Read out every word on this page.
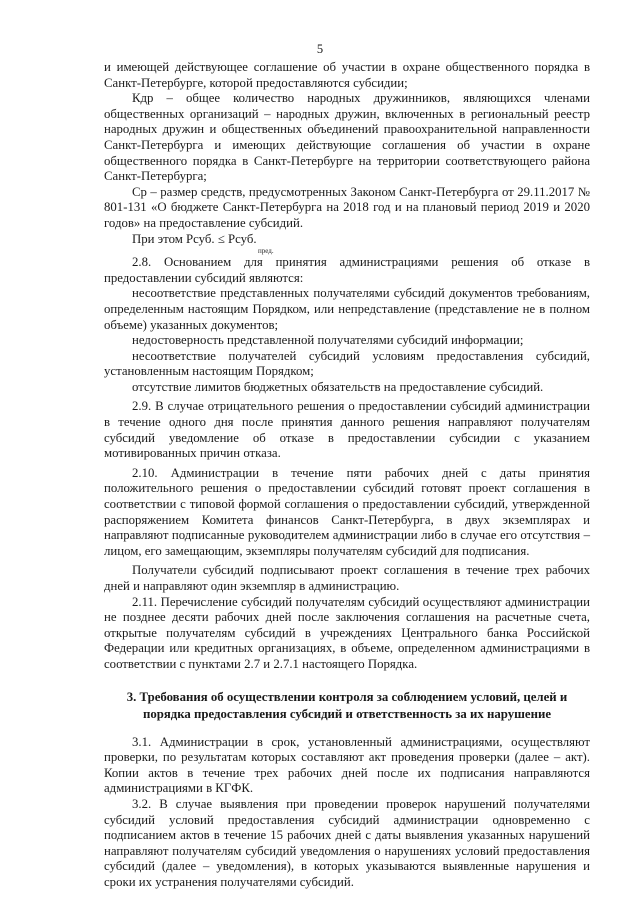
5

и имеющей действующее соглашение об участии в охране общественного порядка в Санкт-Петербурге, которой предоставляются субсидии;

Кдр – общее количество народных дружинников, являющихся членами общественных организаций – народных дружин, включенных в региональный реестр народных дружин и общественных объединений правоохранительной направленности Санкт-Петербурга и имеющих действующие соглашения об участии в охране общественного порядка в Санкт-Петербурге на территории соответствующего района Санкт-Петербурга;

Ср – размер средств, предусмотренных Законом Санкт-Петербурга от 29.11.2017 № 801-131 «О бюджете Санкт-Петербурга на 2018 год и на плановый период 2019 и 2020 годов» на предоставление субсидий.

При этом Рсуб. ≤ Рсуб.

пред.

2.8. Основанием для принятия администрациями решения об отказе в предоставлении субсидий являются:

несоответствие представленных получателями субсидий документов требованиям, определенным настоящим Порядком, или непредставление (представление не в полном объеме) указанных документов;

недостоверность представленной получателями субсидий информации;

несоответствие получателей субсидий условиям предоставления субсидий, установленным настоящим Порядком;

отсутствие лимитов бюджетных обязательств на предоставление субсидий.

2.9. В случае отрицательного решения о предоставлении субсидий администрации в течение одного дня после принятия данного решения направляют получателям субсидий уведомление об отказе в предоставлении субсидии с указанием мотивированных причин отказа.

2.10. Администрации в течение пяти рабочих дней с даты принятия положительного решения о предоставлении субсидий готовят проект соглашения в соответствии с типовой формой соглашения о предоставлении субсидий, утвержденной распоряжением Комитета финансов Санкт-Петербурга, в двух экземплярах и направляют подписанные руководителем администрации либо в случае его отсутствия – лицом, его замещающим, экземпляры получателям субсидий для подписания.

Получатели субсидий подписывают проект соглашения в течение трех рабочих дней и направляют один экземпляр в администрацию.

2.11. Перечисление субсидий получателям субсидий осуществляют администрации не позднее десяти рабочих дней после заключения соглашения на расчетные счета, открытые получателям субсидий в учреждениях Центрального банка Российской Федерации или кредитных организациях, в объеме, определенном администрациями в соответствии с пунктами 2.7 и 2.7.1 настоящего Порядка.

3. Требования об осуществлении контроля за соблюдением условий, целей и порядка предоставления субсидий и ответственность за их нарушение

3.1. Администрации в срок, установленный администрациями, осуществляют проверки, по результатам которых составляют акт проведения проверки (далее – акт). Копии актов в течение трех рабочих дней после их подписания направляются администрациями в КГФК.

3.2. В случае выявления при проведении проверок нарушений получателями субсидий условий предоставления субсидий администрации одновременно с подписанием актов в течение 15 рабочих дней с даты выявления указанных нарушений направляют получателям субсидий уведомления о нарушениях условий предоставления субсидий (далее – уведомления), в которых указываются выявленные нарушения и сроки их устранения получателями субсидий.
